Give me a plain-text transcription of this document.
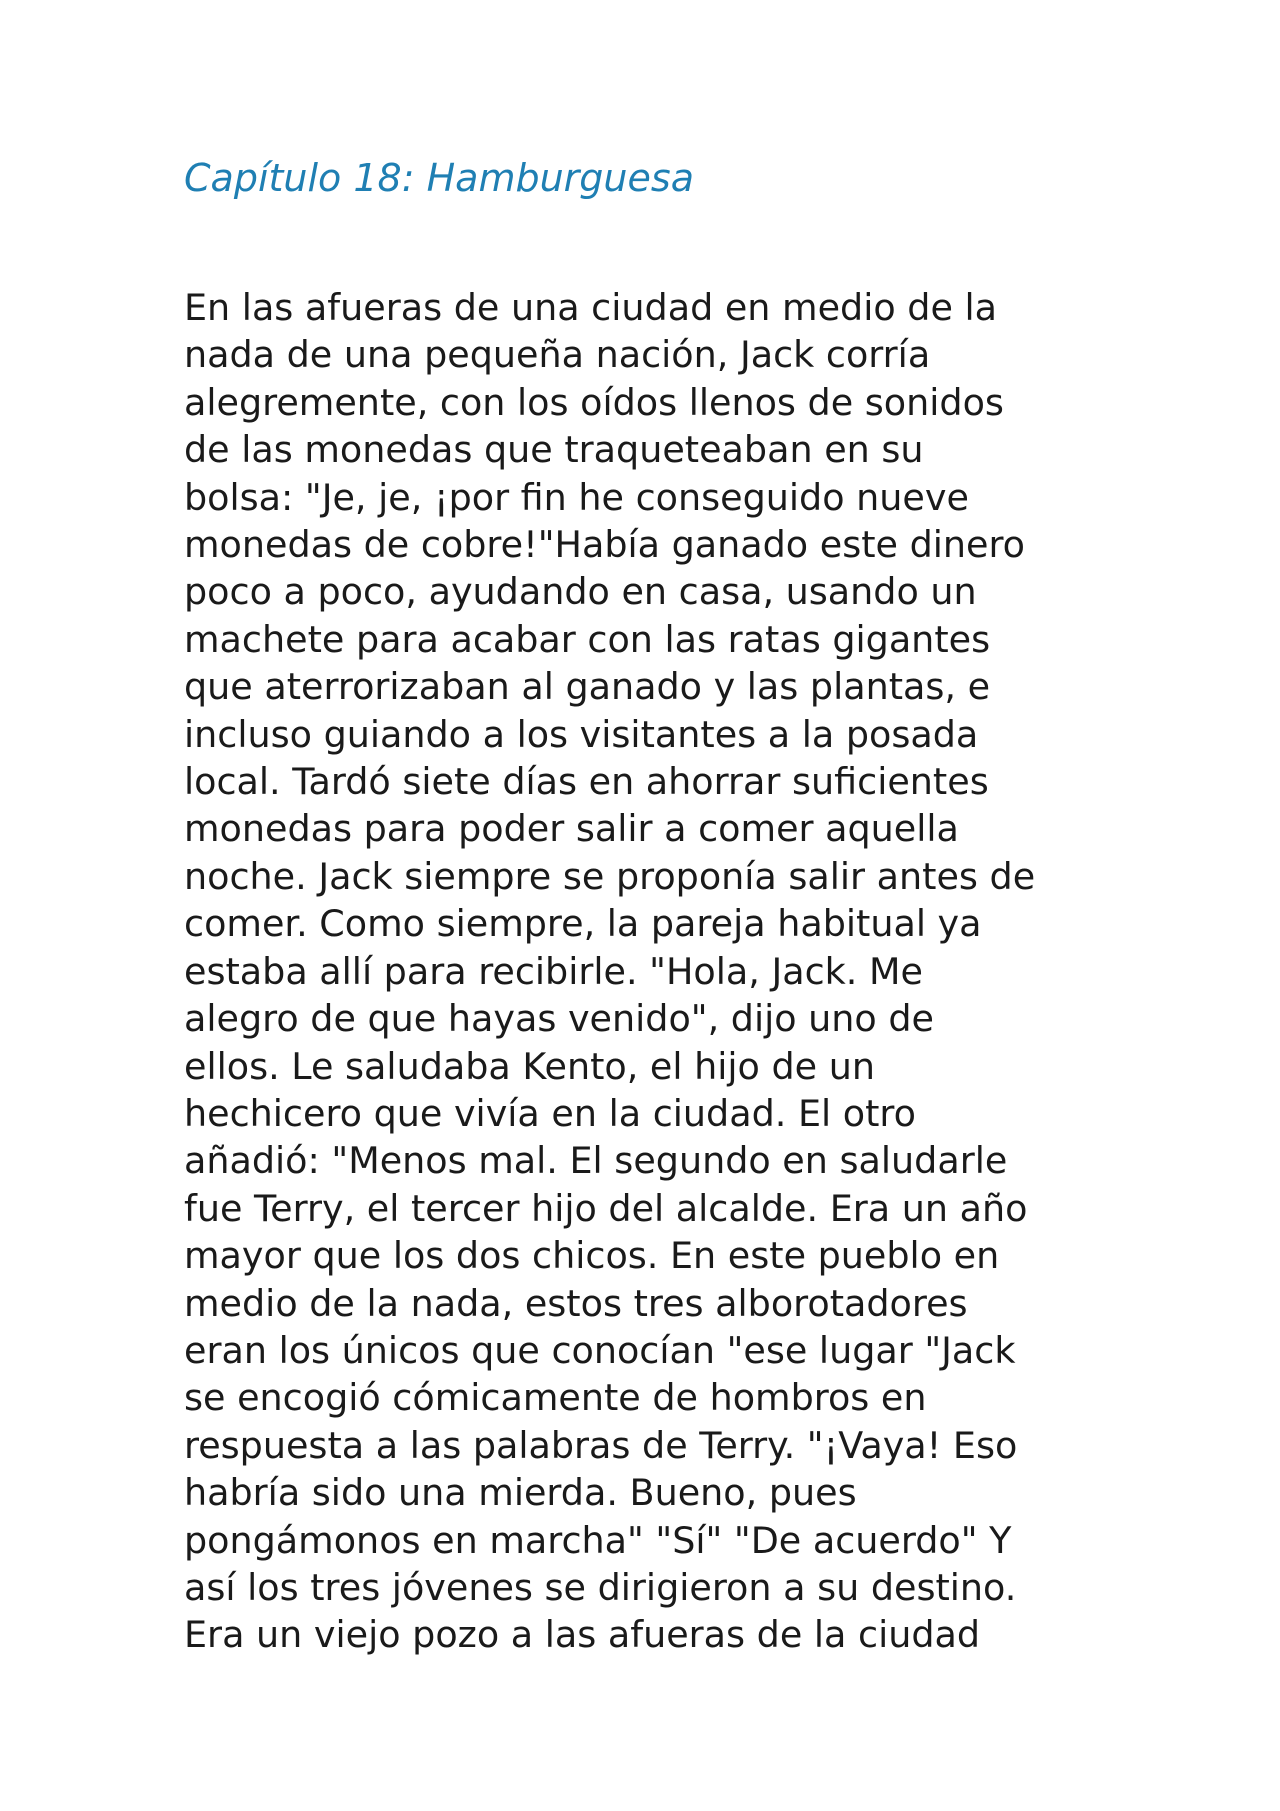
Capítulo 18: Hamburguesa
En las afueras de una ciudad en medio de la
nada de una pequeña nación, Jack corría
alegremente, con los oídos llenos de sonidos
de las monedas que traqueteaban en su
bolsa: "Je, je, ¡por fin he conseguido nueve
monedas de cobre!"Había ganado este dinero
poco a poco, ayudando en casa, usando un
machete para acabar con las ratas gigantes
que aterrorizaban al ganado y las plantas, e
incluso guiando a los visitantes a la posada
local. Tardó siete días en ahorrar suficientes
monedas para poder salir a comer aquella
noche. Jack siempre se proponía salir antes de
comer. Como siempre, la pareja habitual ya
estaba allí para recibirle. "Hola, Jack. Me
alegro de que hayas venido", dijo uno de
ellos. Le saludaba Kento, el hijo de un
hechicero que vivía en la ciudad. El otro
añadió: "Menos mal. El segundo en saludarle
fue Terry, el tercer hijo del alcalde. Era un año
mayor que los dos chicos. En este pueblo en
medio de la nada, estos tres alborotadores
eran los únicos que conocían "ese lugar "Jack
se encogió cómicamente de hombros en
respuesta a las palabras de Terry. "¡Vaya! Eso
habría sido una mierda. Bueno, pues
pongámonos en marcha" "Sí" "De acuerdo" Y
así los tres jóvenes se dirigieron a su destino.
Era un viejo pozo a las afueras de la ciudad
